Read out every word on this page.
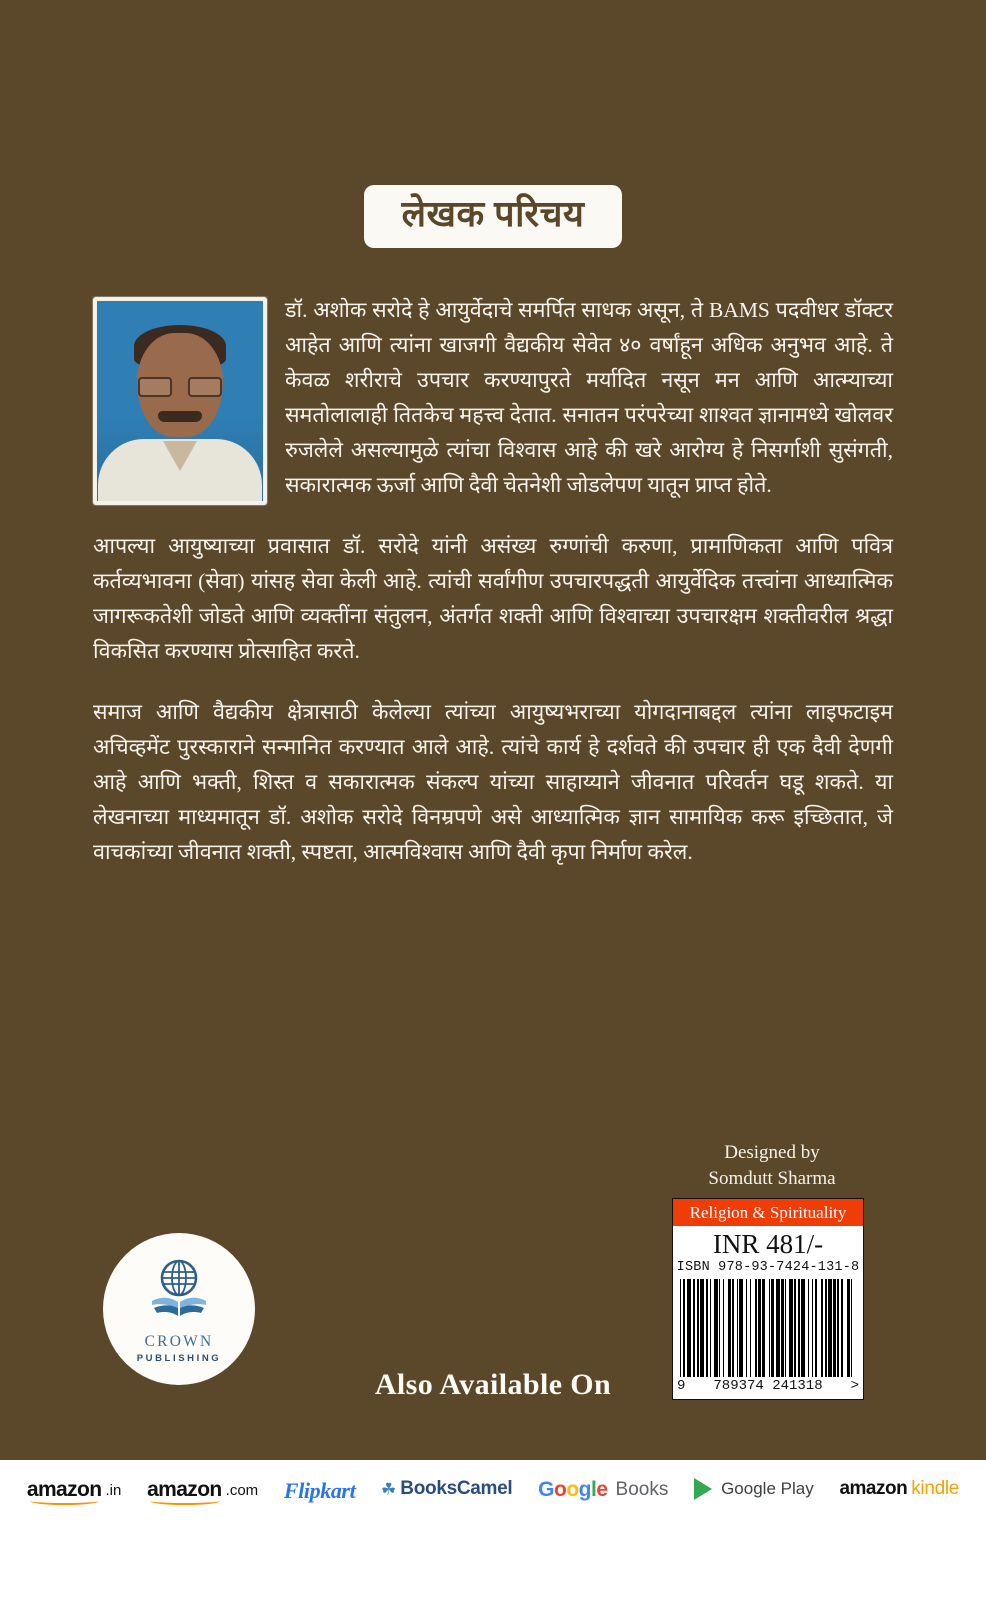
लेखक परिचय

डॉ. अशोक सरोदे हे आयुर्वेदाचे समर्पित साधक असून, ते BAMS पदवीधर डॉक्टर आहेत आणि त्यांना खाजगी वैद्यकीय सेवेत ४० वर्षांहून अधिक अनुभव आहे. ते केवळ शरीराचे उपचार करण्यापुरते मर्यादित नसून मन आणि आत्म्याच्या समतोलालाही तितकेच महत्त्व देतात. सनातन परंपरेच्या शाश्वत ज्ञानामध्ये खोलवर रुजलेले असल्यामुळे त्यांचा विश्वास आहे की खरे आरोग्य हे निसर्गाशी सुसंगती, सकारात्मक ऊर्जा आणि दैवी चेतनेशी जोडलेपण यातून प्राप्त होते.

आपल्या आयुष्याच्या प्रवासात डॉ. सरोदे यांनी असंख्य रुग्णांची करुणा, प्रामाणिकता आणि पवित्र कर्तव्यभावना (सेवा) यांसह सेवा केली आहे. त्यांची सर्वांगीण उपचारपद्धती आयुर्वेदिक तत्त्वांना आध्यात्मिक जागरूकतेशी जोडते आणि व्यक्तींना संतुलन, अंतर्गत शक्ती आणि विश्वाच्या उपचारक्षम शक्तीवरील श्रद्धा विकसित करण्यास प्रोत्साहित करते.

समाज आणि वैद्यकीय क्षेत्रासाठी केलेल्या त्यांच्या आयुष्यभराच्या योगदानाबद्दल त्यांना लाइफटाइम अचिव्हमेंट पुरस्काराने सन्मानित करण्यात आले आहे. त्यांचे कार्य हे दर्शवते की उपचार ही एक दैवी देणगी आहे आणि भक्ती, शिस्त व सकारात्मक संकल्प यांच्या साहाय्याने जीवनात परिवर्तन घडू शकते. या लेखनाच्या माध्यमातून डॉ. अशोक सरोदे विनम्रपणे असे आध्यात्मिक ज्ञान सामायिक करू इच्छितात, जे वाचकांच्या जीवनात शक्ती, स्पष्टता, आत्मविश्वास आणि दैवी कृपा निर्माण करेल.

Designed by
Somdutt Sharma
Religion & Spirituality
INR 481/-
ISBN 978-93-7424-131-8
9 789374 241318 >
CROWN
PUBLISHING
Also Available On
amazon .in amazon .com Flipkart ☘ BooksCamel Google Books	Google Play amazon kindle
